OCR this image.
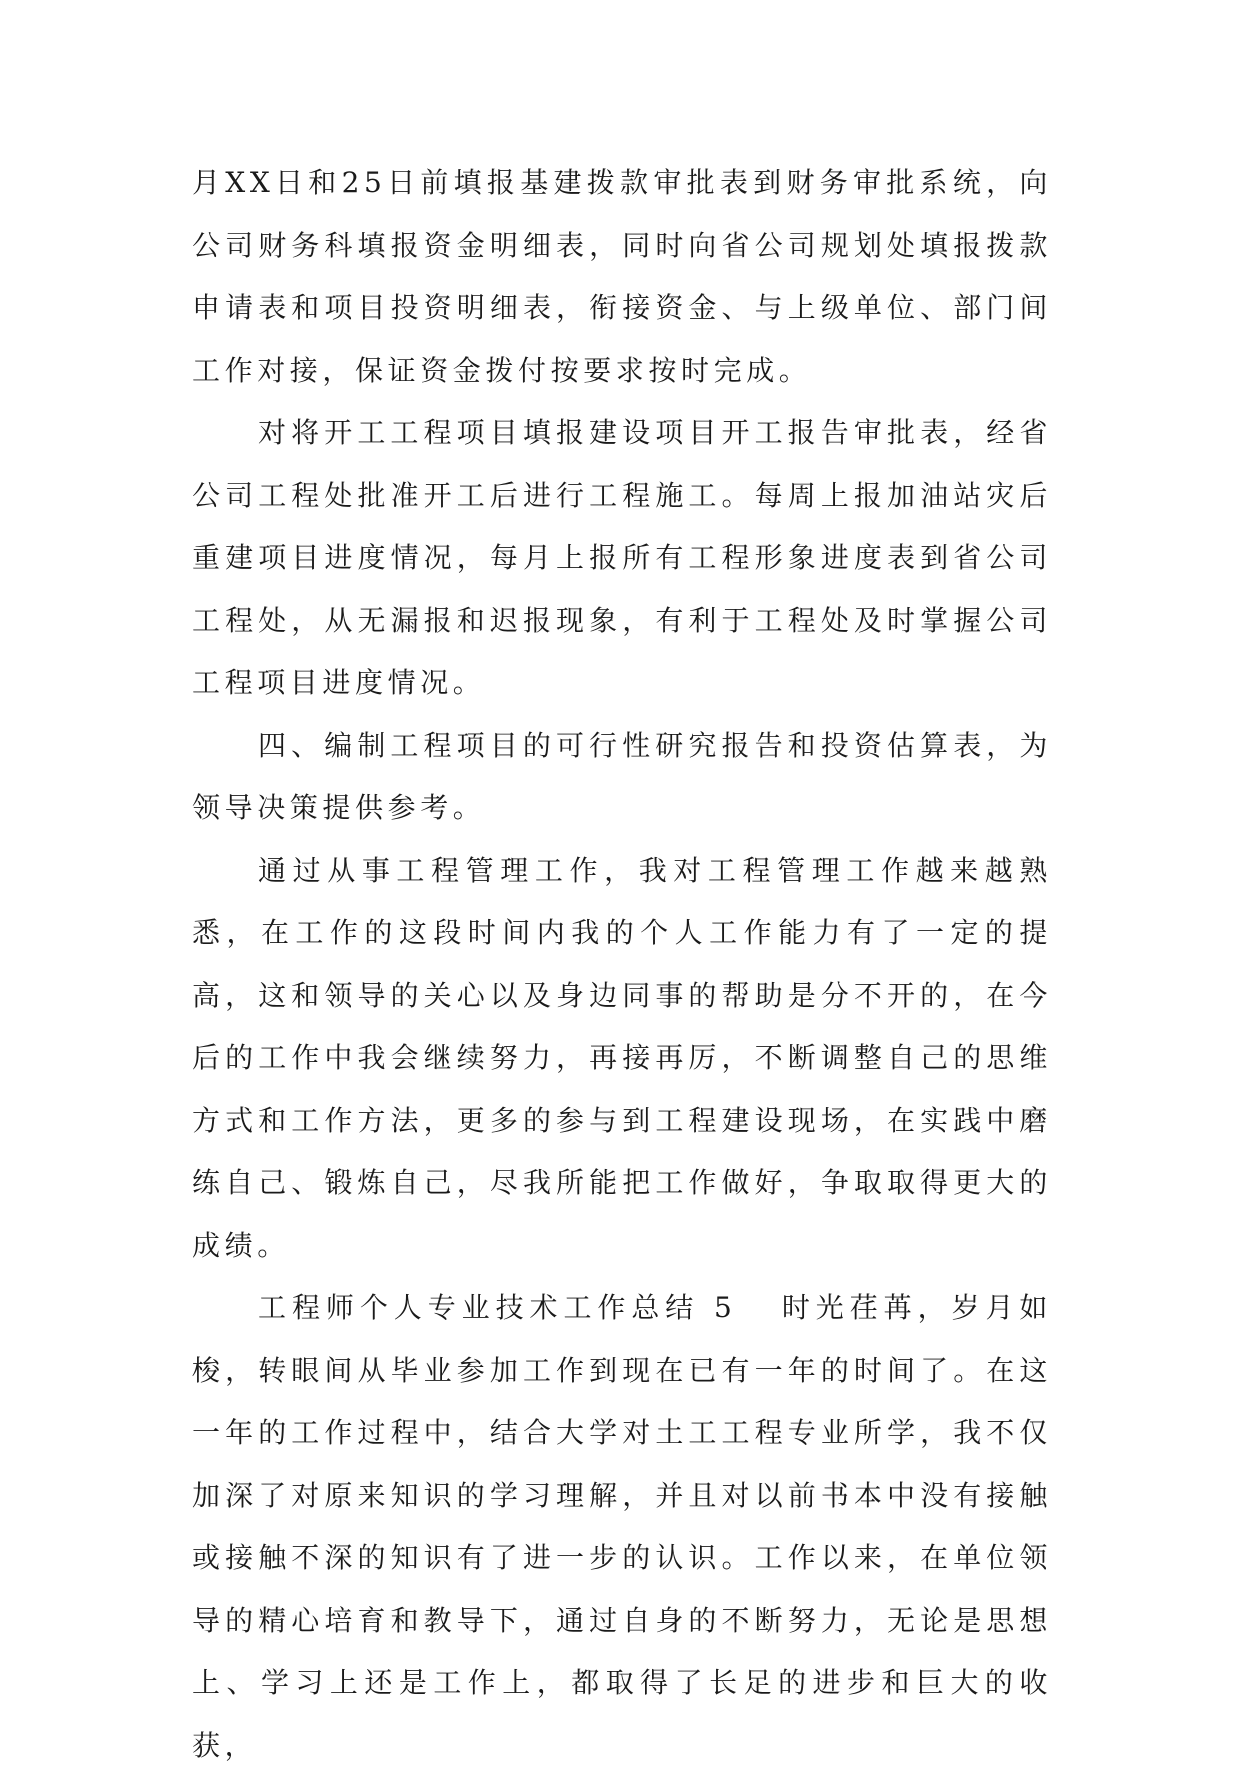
月XX日和25日前填报基建拨款审批表到财务审批系统，向公司财务科填报资金明细表，同时向省公司规划处填报拨款申请表和项目投资明细表，衔接资金、与上级单位、部门间工作对接，保证资金拨付按要求按时完成。

对将开工工程项目填报建设项目开工报告审批表，经省公司工程处批准开工后进行工程施工。每周上报加油站灾后重建项目进度情况，每月上报所有工程形象进度表到省公司工程处，从无漏报和迟报现象，有利于工程处及时掌握公司工程项目进度情况。

四、编制工程项目的可行性研究报告和投资估算表，为领导决策提供参考。

通过从事工程管理工作，我对工程管理工作越来越熟悉，在工作的这段时间内我的个人工作能力有了一定的提高，这和领导的关心以及身边同事的帮助是分不开的，在今后的工作中我会继续努力，再接再厉，不断调整自己的思维方式和工作方法，更多的参与到工程建设现场，在实践中磨练自己、锻炼自己，尽我所能把工作做好，争取取得更大的成绩。

工程师个人专业技术工作总结 5 时光荏苒，岁月如梭，转眼间从毕业参加工作到现在已有一年的时间了。在这一年的工作过程中，结合大学对土工工程专业所学，我不仅加深了对原来知识的学习理解，并且对以前书本中没有接触或接触不深的知识有了进一步的认识。工作以来，在单位领导的精心培育和教导下，通过自身的不断努力，无论是思想上、学习上还是工作上，都取得了长足的进步和巨大的收获，
